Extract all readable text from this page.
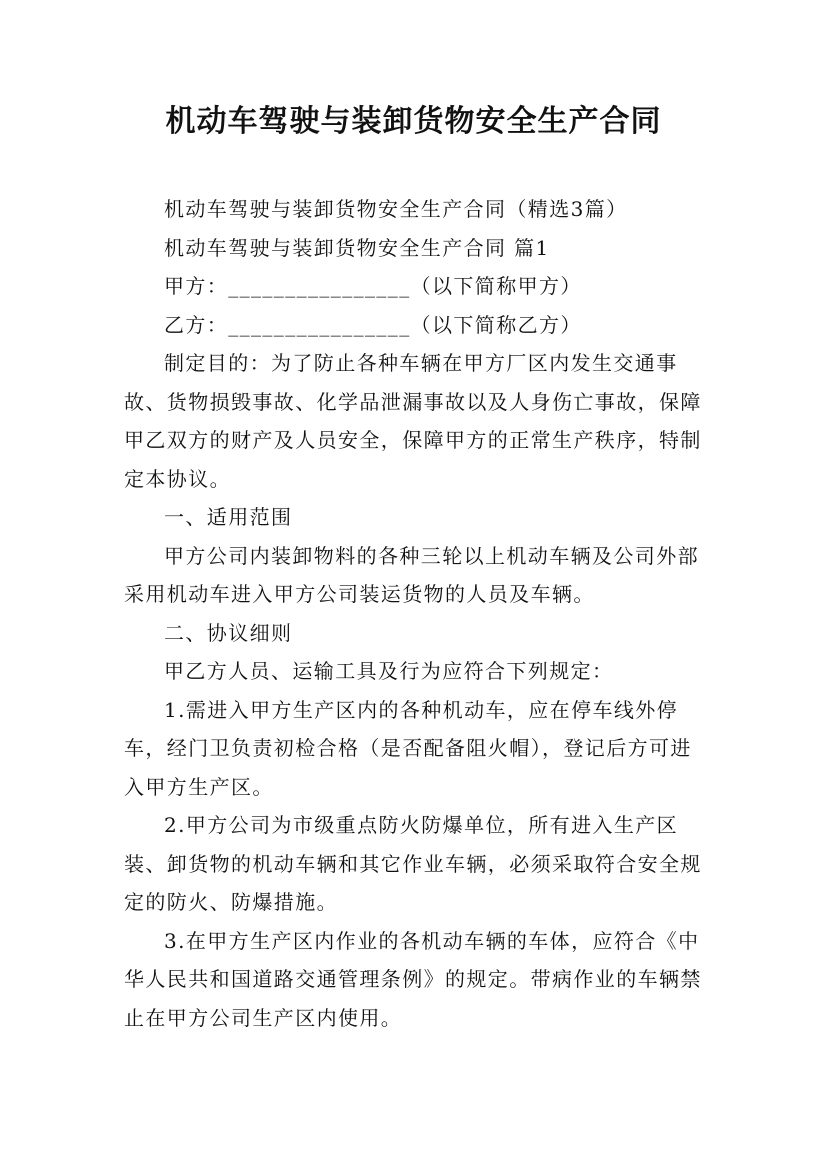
机动车驾驶与装卸货物安全生产合同

机动车驾驶与装卸货物安全生产合同（精选3篇）

机动车驾驶与装卸货物安全生产合同 篇1

甲方：________________（以下简称甲方）

乙方：________________（以下简称乙方）

制定目的：为了防止各种车辆在甲方厂区内发生交通事故、货物损毁事故、化学品泄漏事故以及人身伤亡事故，保障甲乙双方的财产及人员安全，保障甲方的正常生产秩序，特制定本协议。

一、适用范围

甲方公司内装卸物料的各种三轮以上机动车辆及公司外部采用机动车进入甲方公司装运货物的人员及车辆。

二、协议细则

甲乙方人员、运输工具及行为应符合下列规定：

1.需进入甲方生产区内的各种机动车，应在停车线外停车，经门卫负责初检合格（是否配备阻火帽），登记后方可进入甲方生产区。

2.甲方公司为市级重点防火防爆单位，所有进入生产区装、卸货物的机动车辆和其它作业车辆，必须采取符合安全规定的防火、防爆措施。

3.在甲方生产区内作业的各机动车辆的车体，应符合《中华人民共和国道路交通管理条例》的规定。带病作业的车辆禁止在甲方公司生产区内使用。
